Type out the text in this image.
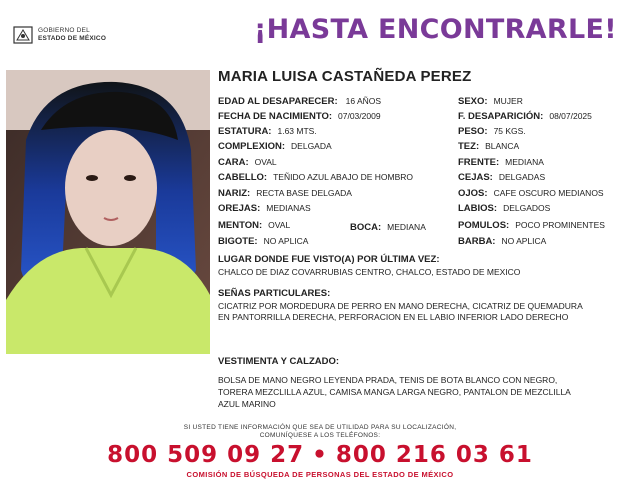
GOBIERNO DEL
ESTADO DE MÉXICO	¡HASTA ENCONTRARLE!
MARIA LUISA CASTAÑEDA PEREZ
EDAD AL DESAPARECER: 16 AÑOS
FECHA DE NACIMIENTO: 07/03/2009
ESTATURA: 1.63 MTS.
COMPLEXION: DELGADA
CARA: OVAL
CABELLO: TEÑIDO AZUL ABAJO DE HOMBRO
NARIZ: RECTA BASE DELGADA
OREJAS: MEDIANAS
MENTON: OVAL	BOCA: MEDIANA
BIGOTE: NO APLICA
SEXO: MUJER
F. DESAPARICIÓN: 08/07/2025
PESO: 75 KGS.
TEZ: BLANCA
FRENTE: MEDIANA
CEJAS: DELGADAS
OJOS: CAFE OSCURO MEDIANOS
LABIOS: DELGADOS
POMULOS: POCO PROMINENTES
BARBA: NO APLICA
LUGAR DONDE FUE VISTO(A) POR ÚLTIMA VEZ:
CHALCO DE DIAZ COVARRUBIAS CENTRO, CHALCO, ESTADO DE MEXICO
SEÑAS PARTICULARES:
CICATRIZ POR MORDEDURA DE PERRO EN MANO DERECHA, CICATRIZ DE QUEMADURA
EN PANTORRILLA DERECHA, PERFORACION EN EL LABIO INFERIOR LADO DERECHO
VESTIMENTA Y CALZADO:
BOLSA DE MANO NEGRO LEYENDA PRADA, TENIS DE BOTA BLANCO CON NEGRO,
TORERA MEZCLILLA AZUL, CAMISA MANGA LARGA NEGRO, PANTALON DE MEZCLILLA
AZUL MARINO
SI USTED TIENE INFORMACIÓN QUE SEA DE UTILIDAD PARA SU LOCALIZACIÓN,
COMUNÍQUESE A LOS TELÉFONOS:
800 509 09 27 • 800 216 03 61
COMISIÓN DE BÚSQUEDA DE PERSONAS DEL ESTADO DE MÉXICO
